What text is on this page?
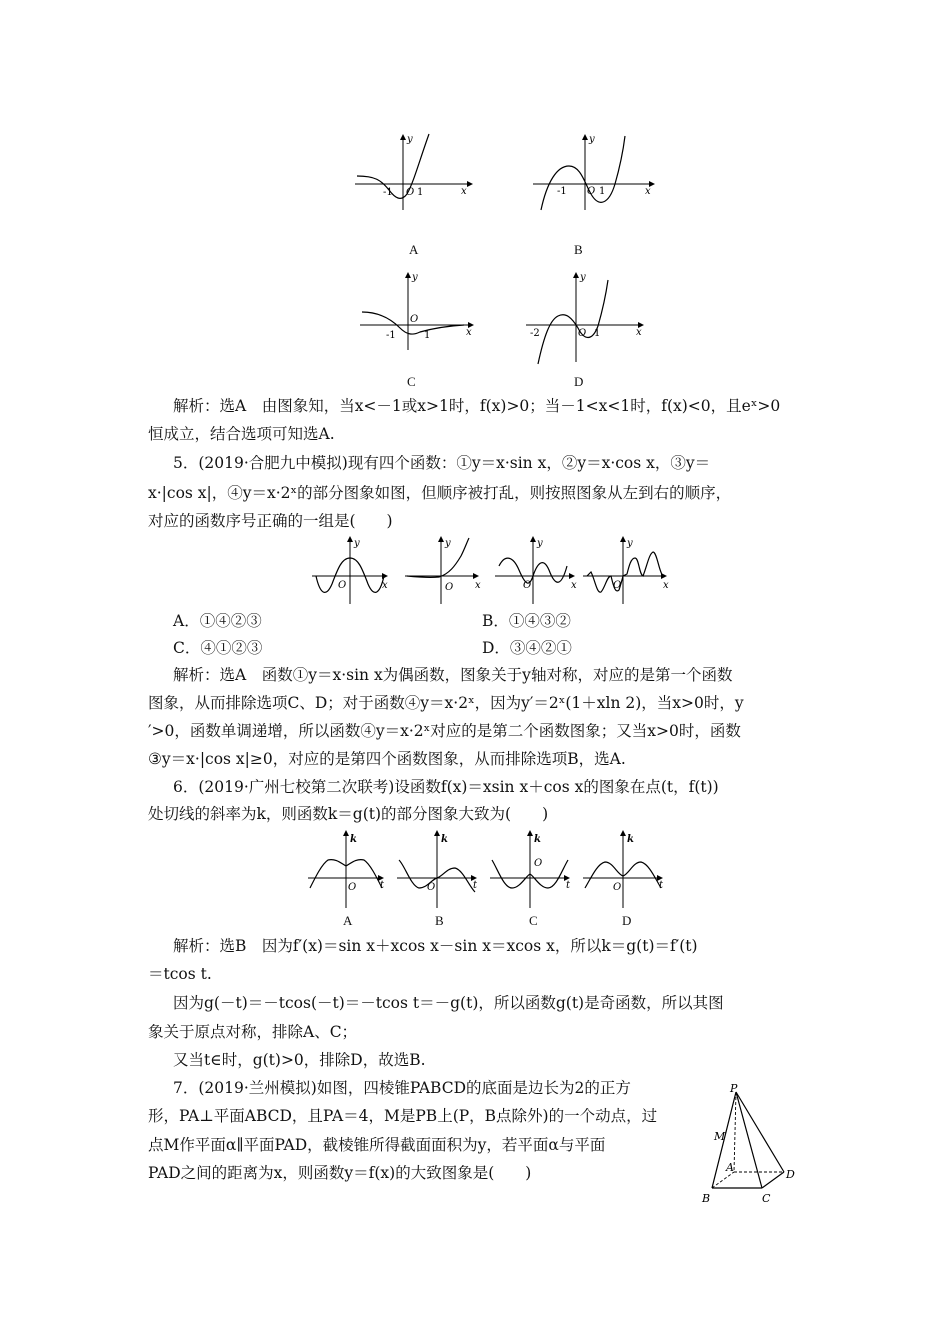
y
x
O
-1 1
A
y
x
O
-1	1
B
y
x
O
-1	1
C
y
x
O
-2	1
D
解析：选A　由图象知，当x<－1或x>1时，f(x)>0；当－1<x<1时，f(x)<0，且eˣ>0
恒成立，结合选项可知选A.
5．(2019·合肥九中模拟)现有四个函数：①y＝x·sin x，②y＝x·cos x，③y＝
x·|cos x|，④y＝x·2ˣ的部分图象如图，但顺序被打乱，则按照图象从左到右的顺序，
对应的函数序号正确的一组是(　　)
y
x
O
y
x
O
y
x
O
y
x
O
A．①④②③	B．①④③②
C．④①②③	D．③④②①
解析：选A　函数①y＝x·sin x为偶函数，图象关于y轴对称，对应的是第一个函数
图象，从而排除选项C、D；对于函数④y＝x·2ˣ，因为y′＝2ˣ(1＋xln 2)，当x>0时，y
′>0，函数单调递增，所以函数④y＝x·2ˣ对应的是第二个函数图象；又当x>0时，函数
③y＝x·|cos x|≥0，对应的是第四个函数图象，从而排除选项B，选A.
6．(2019·广州七校第二次联考)设函数f(x)＝xsin x＋cos x的图象在点(t，f(t))
处切线的斜率为k，则函数k＝g(t)的部分图象大致为(　　)
k
t
O
A
k
t
O
B
k
t
O
C
k
t
O
D
解析：选B　因为f′(x)＝sin x＋xcos x－sin x＝xcos x，所以k＝g(t)＝f′(t)
＝tcos t.
因为g(－t)＝－tcos(－t)＝－tcos t＝－g(t)，所以函数g(t)是奇函数，所以其图
象关于原点对称，排除A、C；
又当t∈时，g(t)>0，排除D，故选B.
7．(2019·兰州模拟)如图，四棱锥PABCD的底面是边长为2的正方
形，PA⊥平面ABCD，且PA＝4，M是PB上(P，B点除外)的一个动点，过
点M作平面α∥平面PAD，截棱锥所得截面面积为y，若平面α与平面
PAD之间的距离为x，则函数y＝f(x)的大致图象是(　　)
P
M
A
B	C
D
